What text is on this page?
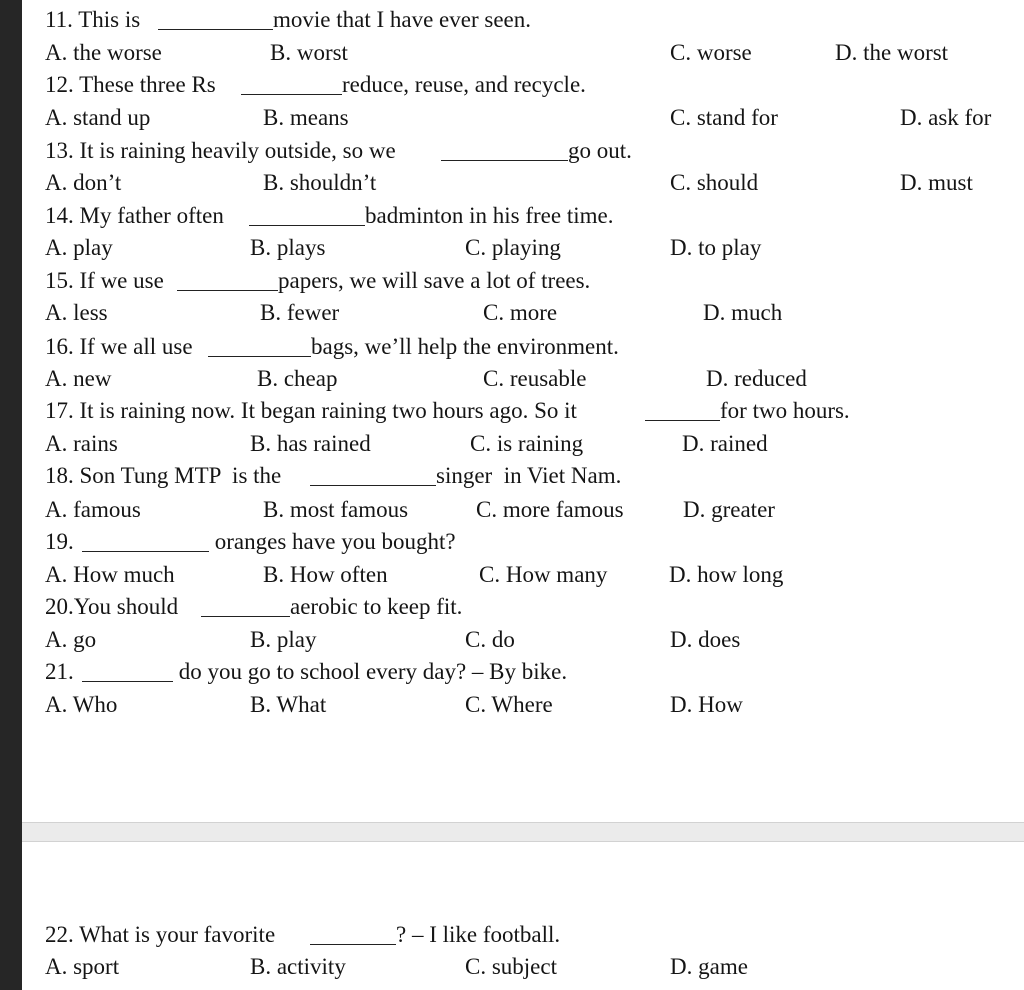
11. This is	movie that I have ever seen.
A. the worse	B. worst	C. worse	D. the worst
12. These three Rs	reduce, reuse, and recycle.
A. stand up	B. means	C. stand for	D. ask for
13. It is raining heavily outside, so we	go out.
A. don’t	B. shouldn’t	C. should	D. must
14. My father often	badminton in his free time.
A. play	B. plays	C. playing	D. to play
15. If we use	papers, we will save a lot of trees.
A. less	B. fewer	C. more	D. much
16. If we all use	bags, we’ll help the environment.
A. new	B. cheap	C. reusable	D. reduced
17. It is raining now. It began raining two hours ago. So it	for two hours.
A. rains	B. has rained	C. is raining	D. rained
18. Son Tung MTP  is the	singer  in Viet Nam.
A. famous	B. most famous	C. more famous	D. greater
19.	oranges have you bought?
A. How much	B. How often	C. How many	D. how long
20.You should	aerobic to keep fit.
A. go	B. play	C. do	D. does
21.	do you go to school every day? – By bike.
A. Who	B. What	C. Where	D. How
22. What is your favorite	? – I like football.
A. sport	B. activity	C. subject	D. game
